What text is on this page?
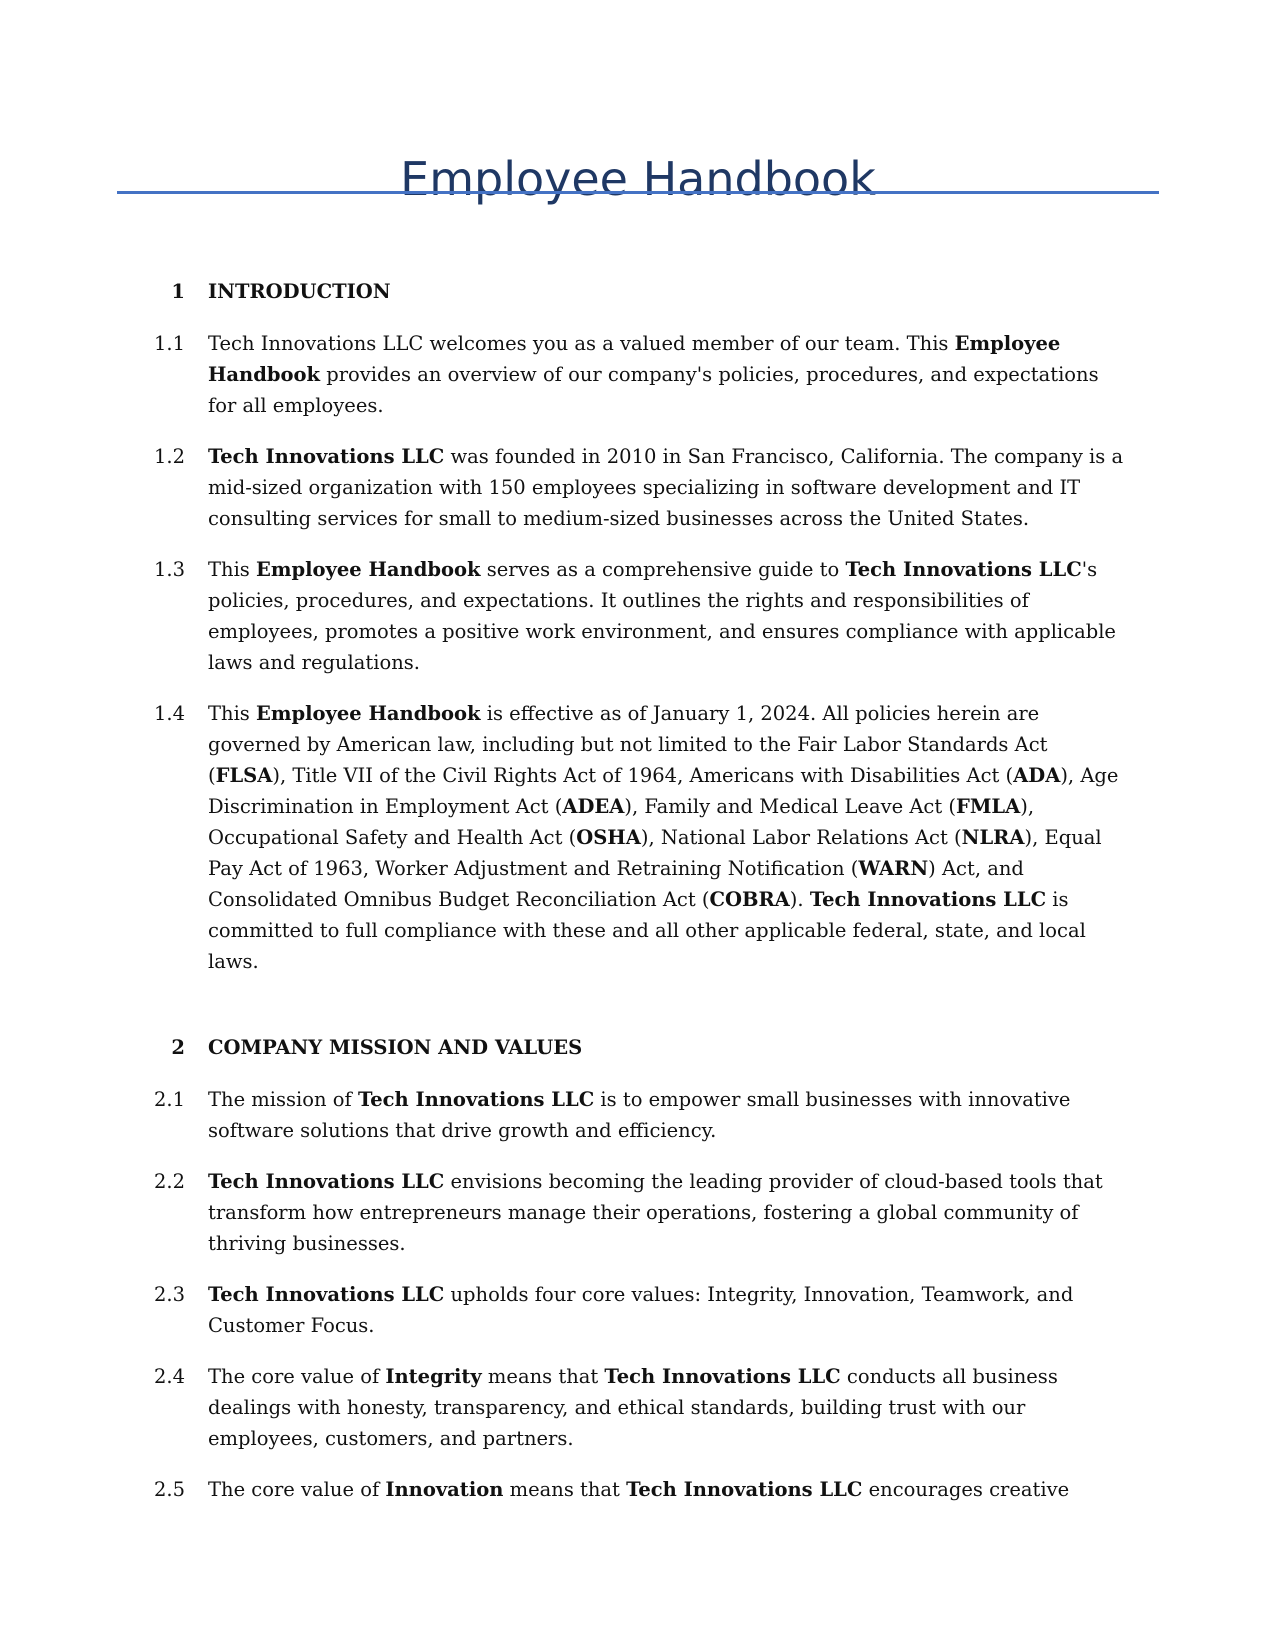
Employee Handbook
1 INTRODUCTION
1.1 Tech Innovations LLC welcomes you as a valued member of our team. This Employee Handbook provides an overview of our company's policies, procedures, and expectations for all employees.
1.2 Tech Innovations LLC was founded in 2010 in San Francisco, California. The company is a mid-sized organization with 150 employees specializing in software development and IT consulting services for small to medium-sized businesses across the United States.
1.3 This Employee Handbook serves as a comprehensive guide to Tech Innovations LLC's policies, procedures, and expectations. It outlines the rights and responsibilities of employees, promotes a positive work environment, and ensures compliance with applicable laws and regulations.
1.4 This Employee Handbook is effective as of January 1, 2024. All policies herein are governed by American law, including but not limited to the Fair Labor Standards Act (FLSA), Title VII of the Civil Rights Act of 1964, Americans with Disabilities Act (ADA), Age Discrimination in Employment Act (ADEA), Family and Medical Leave Act (FMLA), Occupational Safety and Health Act (OSHA), National Labor Relations Act (NLRA), Equal Pay Act of 1963, Worker Adjustment and Retraining Notification (WARN) Act, and Consolidated Omnibus Budget Reconciliation Act (COBRA). Tech Innovations LLC is committed to full compliance with these and all other applicable federal, state, and local laws.
2 COMPANY MISSION AND VALUES
2.1 The mission of Tech Innovations LLC is to empower small businesses with innovative software solutions that drive growth and efficiency.
2.2 Tech Innovations LLC envisions becoming the leading provider of cloud-based tools that transform how entrepreneurs manage their operations, fostering a global community of thriving businesses.
2.3 Tech Innovations LLC upholds four core values: Integrity, Innovation, Teamwork, and Customer Focus.
2.4 The core value of Integrity means that Tech Innovations LLC conducts all business dealings with honesty, transparency, and ethical standards, building trust with our employees, customers, and partners.
2.5 The core value of Innovation means that Tech Innovations LLC encourages creative
